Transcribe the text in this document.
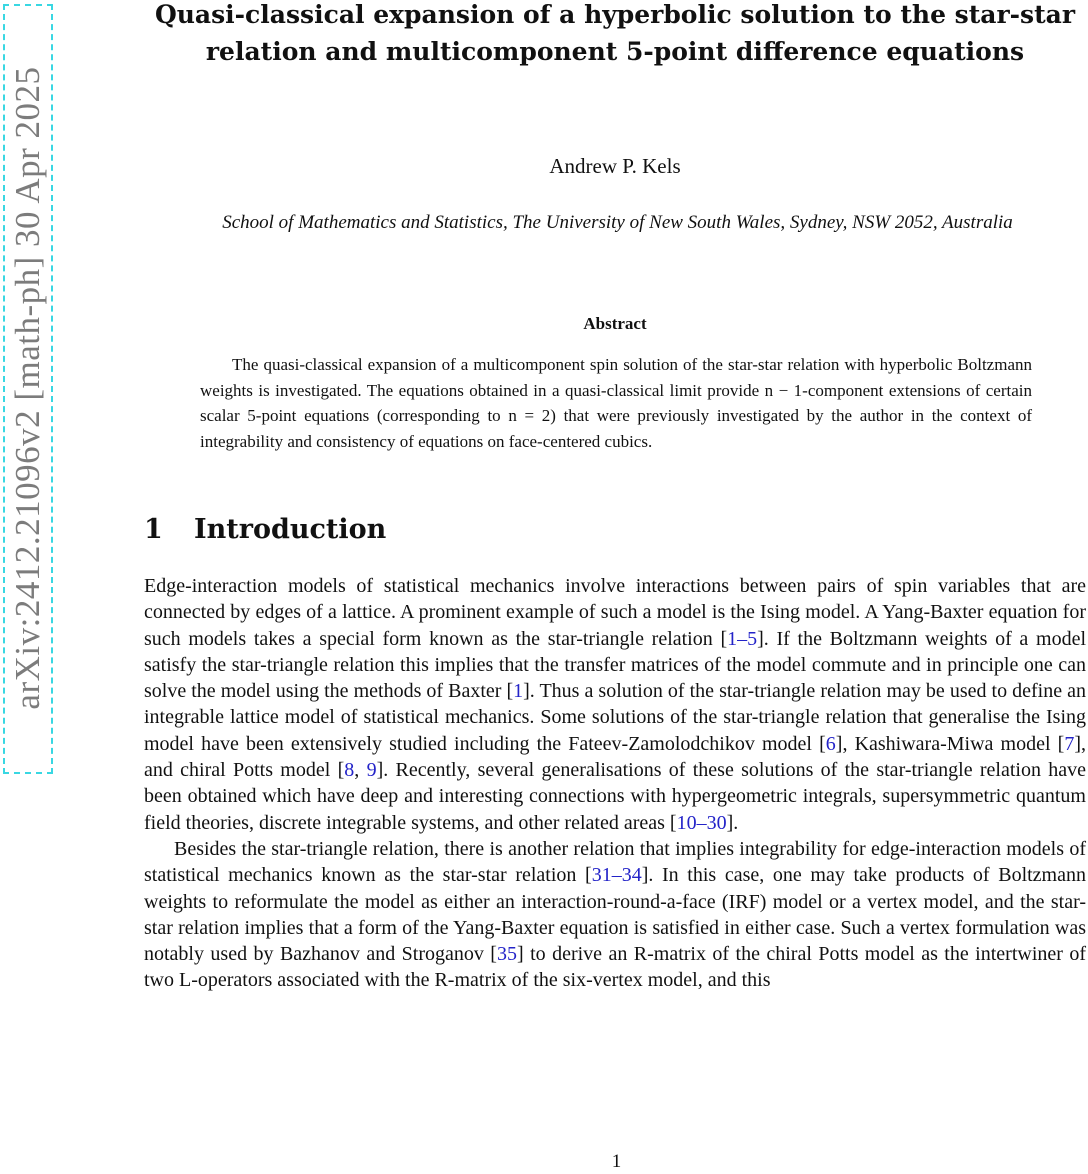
arXiv:2412.21096v2 [math-ph] 30 Apr 2025
Quasi-classical expansion of a hyperbolic solution to the star-star relation and multicomponent 5-point difference equations
Andrew P. Kels
School of Mathematics and Statistics, The University of New South Wales, Sydney, NSW 2052, Australia
Abstract
The quasi-classical expansion of a multicomponent spin solution of the star-star relation with hyperbolic Boltzmann weights is investigated. The equations obtained in a quasi-classical limit provide n − 1-component extensions of certain scalar 5-point equations (corresponding to n = 2) that were previously investigated by the author in the context of integrability and consistency of equations on face-centered cubics.
1 Introduction

Edge-interaction models of statistical mechanics involve interactions between pairs of spin variables that are connected by edges of a lattice. A prominent example of such a model is the Ising model. A Yang-Baxter equation for such models takes a special form known as the star-triangle relation [1–5]. If the Boltzmann weights of a model satisfy the star-triangle relation this implies that the transfer matrices of the model commute and in principle one can solve the model using the methods of Baxter [1]. Thus a solution of the star-triangle relation may be used to define an integrable lattice model of statistical mechanics. Some solutions of the star-triangle relation that generalise the Ising model have been extensively studied including the Fateev-Zamolodchikov model [6], Kashiwara-Miwa model [7], and chiral Potts model [8, 9]. Recently, several generalisations of these solutions of the star-triangle relation have been obtained which have deep and interesting connections with hypergeometric integrals, supersymmetric quantum field theories, discrete integrable systems, and other related areas [10–30].

Besides the star-triangle relation, there is another relation that implies integrability for edge-interaction models of statistical mechanics known as the star-star relation [31–34]. In this case, one may take products of Boltzmann weights to reformulate the model as either an interaction-round-a-face (IRF) model or a vertex model, and the star-star relation implies that a form of the Yang-Baxter equation is satisfied in either case. Such a vertex formulation was notably used by Bazhanov and Stroganov [35] to derive an R-matrix of the chiral Potts model as the intertwiner of two L-operators associated with the R-matrix of the six-vertex model, and this

1
